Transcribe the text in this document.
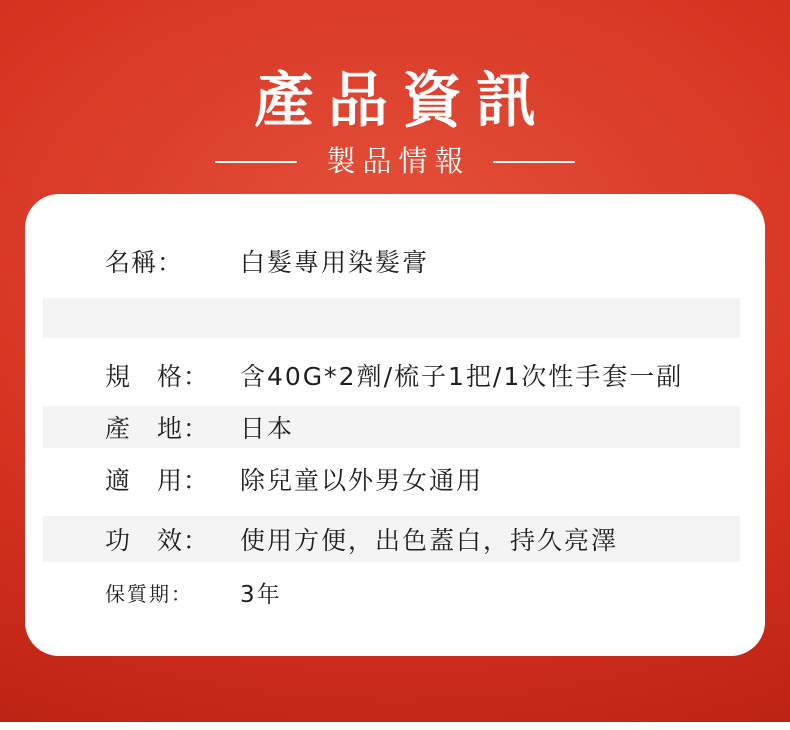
產品資訊
製品情報
名稱：	白髮專用染髮膏
規　格：	含40G*2劑/梳子1把/1次性手套一副
產　地：	日本
適　用：	除兒童以外男女通用
功　效：	使用方便，出色蓋白，持久亮澤
保質期：	3年
